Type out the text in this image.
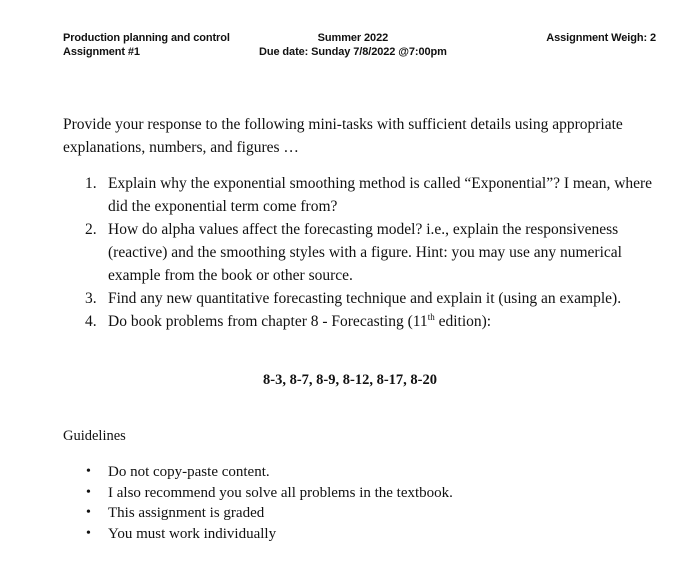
Production planning and control
Assignment #1
Summer 2022
Due date: Sunday 7/8/2022 @7:00pm
Assignment Weigh: 2

Provide your response to the following mini-tasks with sufficient details using appropriate explanations, numbers, and figures …

1. Explain why the exponential smoothing method is called “Exponential”? I mean, where did the exponential term come from?
2. How do alpha values affect the forecasting model? i.e., explain the responsiveness (reactive) and the smoothing styles with a figure. Hint: you may use any numerical example from the book or other source.
3. Find any new quantitative forecasting technique and explain it (using an example).
4. Do book problems from chapter 8 - Forecasting (11th edition):
8-3, 8-7, 8-9, 8-12, 8-17, 8-20
Guidelines
• Do not copy-paste content.
• I also recommend you solve all problems in the textbook.
• This assignment is graded
• You must work individually
